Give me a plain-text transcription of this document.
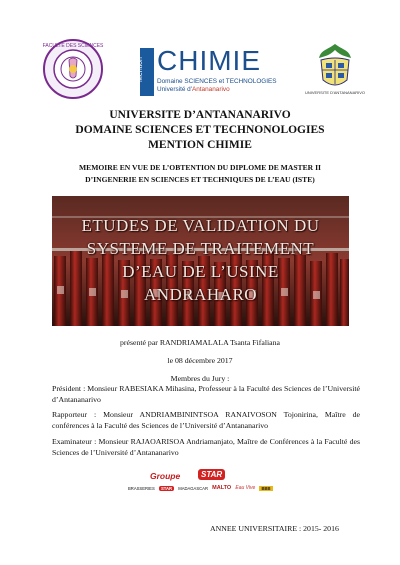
FACULTE DES SCIENCES
Mention CHIMIE
Domaine SCIENCES et TECHNOLOGIES
Université d'Antananarivo	UNIVERSITE D'ANTANANARIVO
UNIVERSITE D’ANTANANARIVO
DOMAINE SCIENCES ET TECHNONOLOGIES
MENTION CHIMIE
MEMOIRE EN VUE DE L’OBTENTION DU DIPLOME DE MASTER II
D’INGENERIE EN SCIENCES ET TECHNIQUES DE L’EAU (ISTE)
ETUDES DE VALIDATION DU
SYSTEME DE TRAITEMENT
D’EAU DE L’USINE
ANDRAHARO
présenté par RANDRIAMALALA Tsanta Fifaliana
le 08 décembre 2017
Membres du Jury :
Président : Monsieur RABESIAKA Mihasina, Professeur à la Faculté des Sciences de l’Université d’Antananarivo
Rapporteur : Monsieur ANDRIAMBININTSOA RANAIVOSON Tojonirina, Maître de conférences à la Faculté des Sciences de l’Université d’Antananarivo
Examinateur : Monsieur RAJAOARISOA Andriamanjato, Maître de Conférences à la Faculté des Sciences de l’Université d’Antananarivo
Groupe	STAR
BRASSERIES STAR MADAGASCAR MALTO Eau Vive BBB
ANNEE UNIVERSITAIRE : 2015- 2016
